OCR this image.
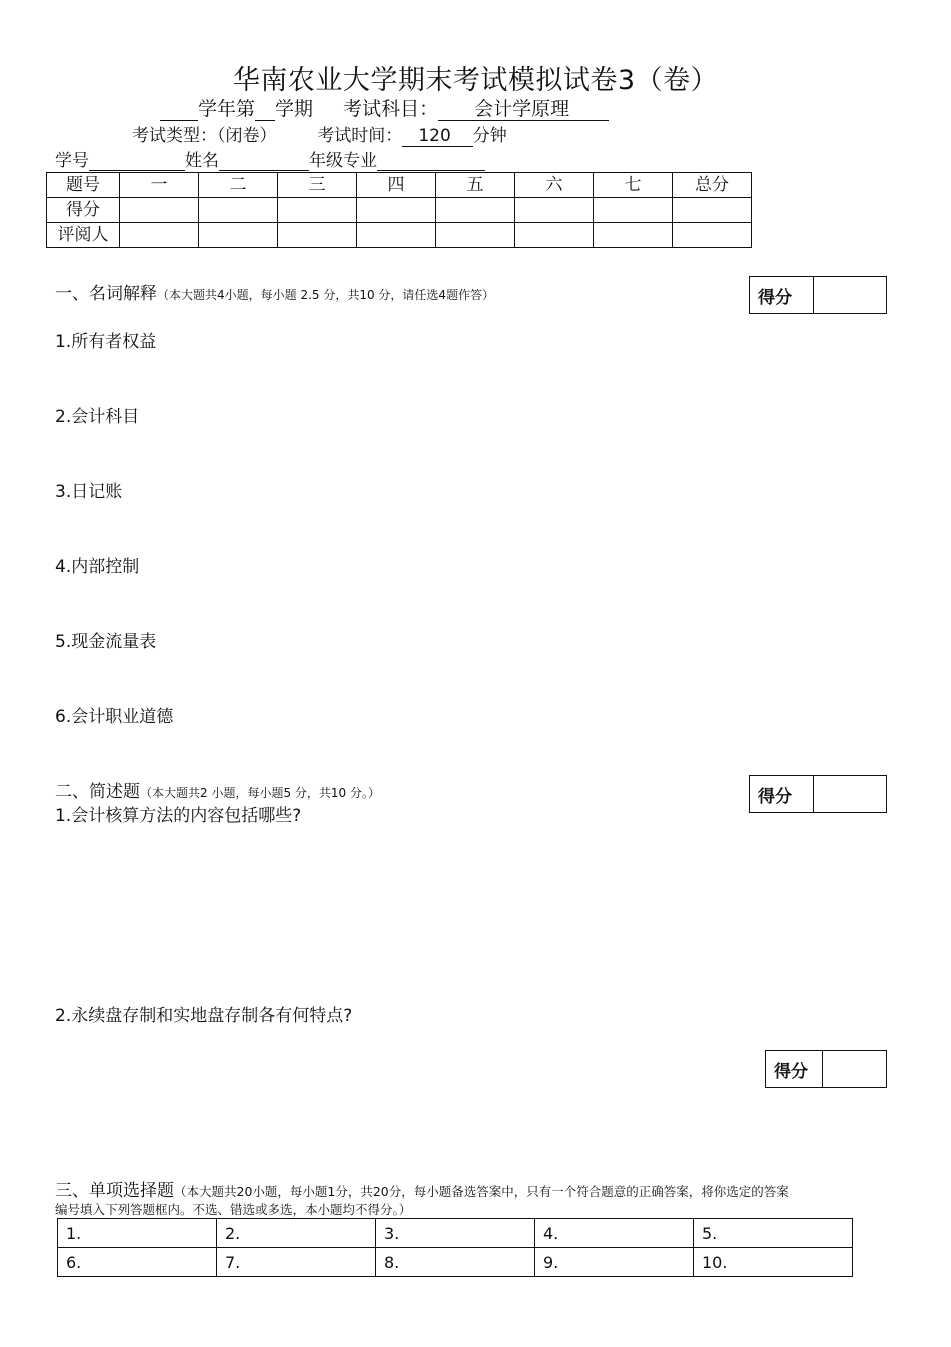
华南农业大学期末考试模拟试卷3（卷）
学年第 学期 考试科目： 会计学原理
考试类型：（闭卷） 考试时间： 120 分钟
学号	姓名	年级专业
题号	一	二	三	四	五	六	七	总分
得分								
评阅人								
得分
一、名词解释（本大题共4小题，每小题 2.5 分，共10 分，请任选4题作答）
1.所有者权益
2.会计科目
3.日记账
4.内部控制
5.现金流量表
6.会计职业道德
得分
二、简述题（本大题共2 小题，每小题5 分，共10 分。）
1.会计核算方法的内容包括哪些?
2.永续盘存制和实地盘存制各有何特点?
得分
三、单项选择题（本大题共20小题，每小题1分，共20分，每小题备选答案中，只有一个符合题意的正确答案，将你选定的答案
编号填入下列答题框内。不选、错选或多选，本小题均不得分。）
1.	2.	3.	4.	5.
6.	7.	8.	9.	10.
